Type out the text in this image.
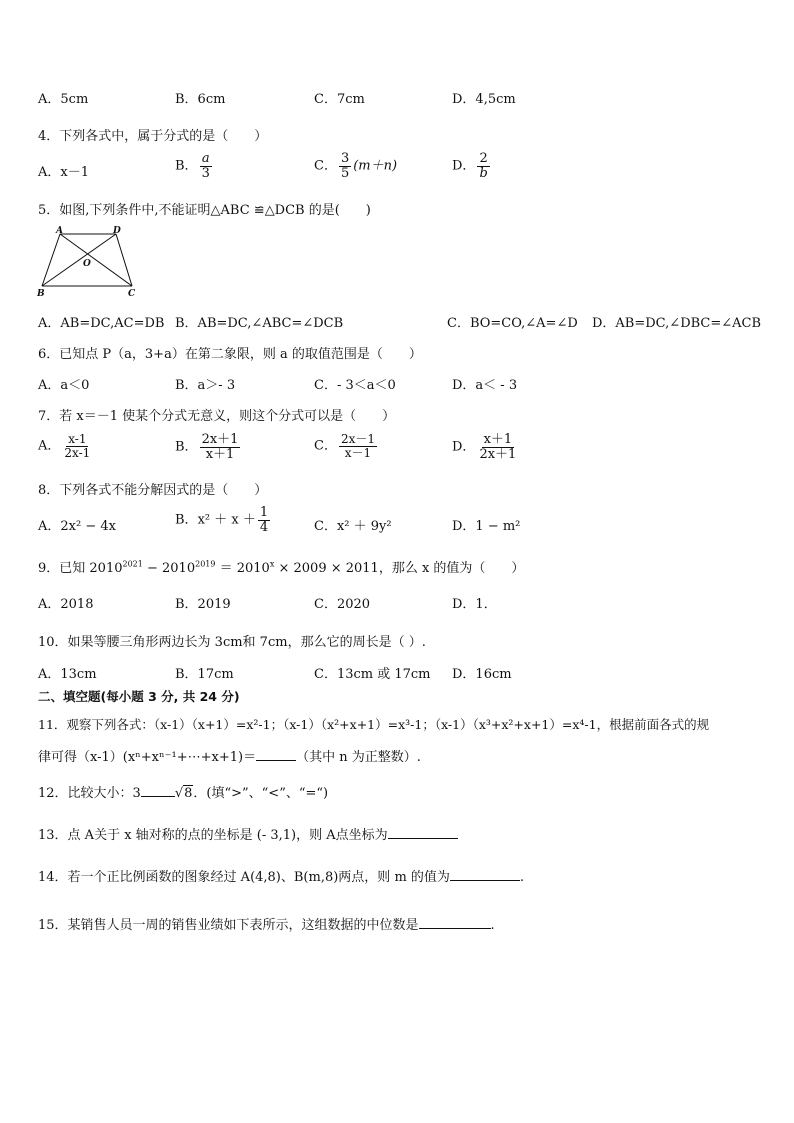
A．5cm	B．6cm	C．7cm	D．4,5cm
4．下列各式中，属于分式的是（　　）
A．x－1	B． $\frac{a}{3}$	C． $\frac{3}{5} (m+n)$	D． $\frac{2}{b}$
5．如图,下列条件中,不能证明△ABC ≌△DCB 的是(　　)
A	D
O
B	C
A．AB=DC,AC=DB B．AB=DC,∠ABC=∠DCB	C．BO=CO,∠A=∠D D．AB=DC,∠DBC=∠ACB
6．已知点 P（a，3+a）在第二象限，则 a 的取值范围是（　　）
A．a＜0	B．a＞- 3	C．- 3＜a＜0	D．a＜ - 3
7．若 x＝－1 使某个分式无意义，则这个分式可以是（　　）
A． $\frac{x-1}{2x-1}$	B． $\frac{2x+1}{x+1}$	C． $\frac{2x-1}{x-1}$	D． $\frac{x+1}{2x+1}$
8．下列各式不能分解因式的是（　　）
A．2x² − 4x	B．$x^2 + x + \frac{1}{4}$	C．x² ＋ 9y²	D．1 − m²
9．已知 $2010^{2021} - 2010^{2019} = 2010^x \times 2009 \times 2011$，那么 x 的值为（　　）
A．2018	B．2019	C．2020	D．1．
10．如果等腰三角形两边长为 3cm和 7cm，那么它的周长是（ ）.
A．13cm	B．17cm	C．13cm 或 17cm D．16cm
二、填空题(每小题 3 分, 共 24 分)
11．观察下列各式：（x-1）（x+1）=x²-1；（x-1）（x²+x+1）=x³-1；（x-1）（x³+x²+x+1）=x⁴-1，根据前面各式的规
律可得（x-1）(xⁿ+xⁿ⁻¹+⋯+x+1)＝	（其中 n 为正整数）.
12．比较大小：3	√8．(填“>”、“<”、“=“)
13．点 A关于 x 轴对称的点的坐标是 (- 3,1)，则 A点坐标为
14．若一个正比例函数的图象经过 A(4,8)、B(m,8)两点，则 m 的值为	.
15．某销售人员一周的销售业绩如下表所示，这组数据的中位数是	.
